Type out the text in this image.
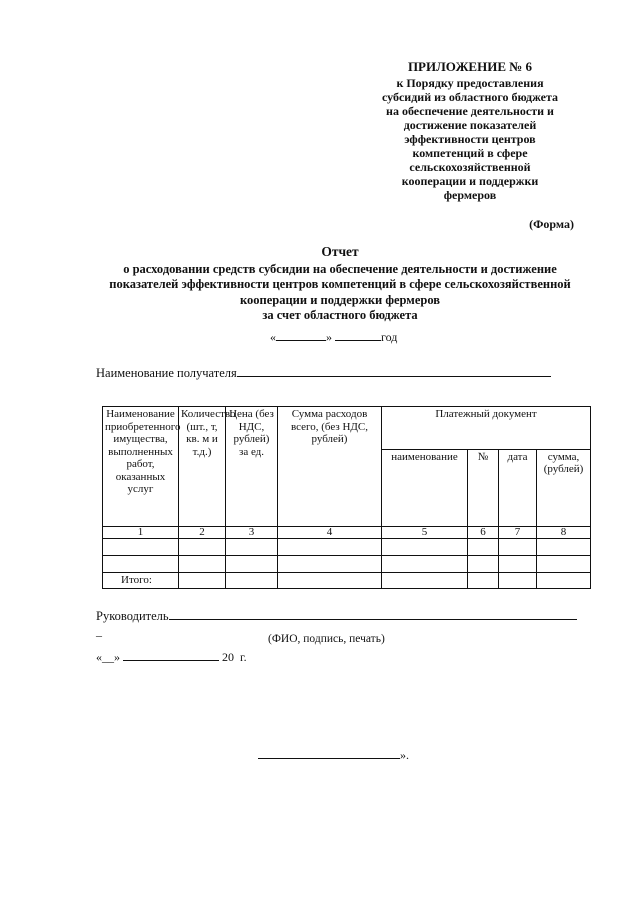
ПРИЛОЖЕНИЕ № 6
к Порядку предоставления
субсидий из областного бюджета
на обеспечение деятельности и
достижение показателей
эффективности центров
компетенций в сфере
сельскохозяйственной
кооперации и поддержки
фермеров
(Форма)
Отчет
о расходовании средств субсидии на обеспечение деятельности и достижение
показателей эффективности центров компетенций в сфере сельскохозяйственной
кооперации и поддержки фермеров
за счет областного бюджета
«	»	год
Наименование получателя
Наименование приобретенного имущества, выполненных работ, оказанных услуг	Количество (шт., т, кв. м и т.д.)	Цена (без НДС, рублей) за ед.	Сумма расходов всего, (без НДС, рублей)	Платежный документ			
				наименование	№	дата	сумма, (рублей)
1	2	3	4	5	6	7	8

Итого:							
Руководитель
–	(ФИО, подпись, печать)
«__»	20 г.
».
